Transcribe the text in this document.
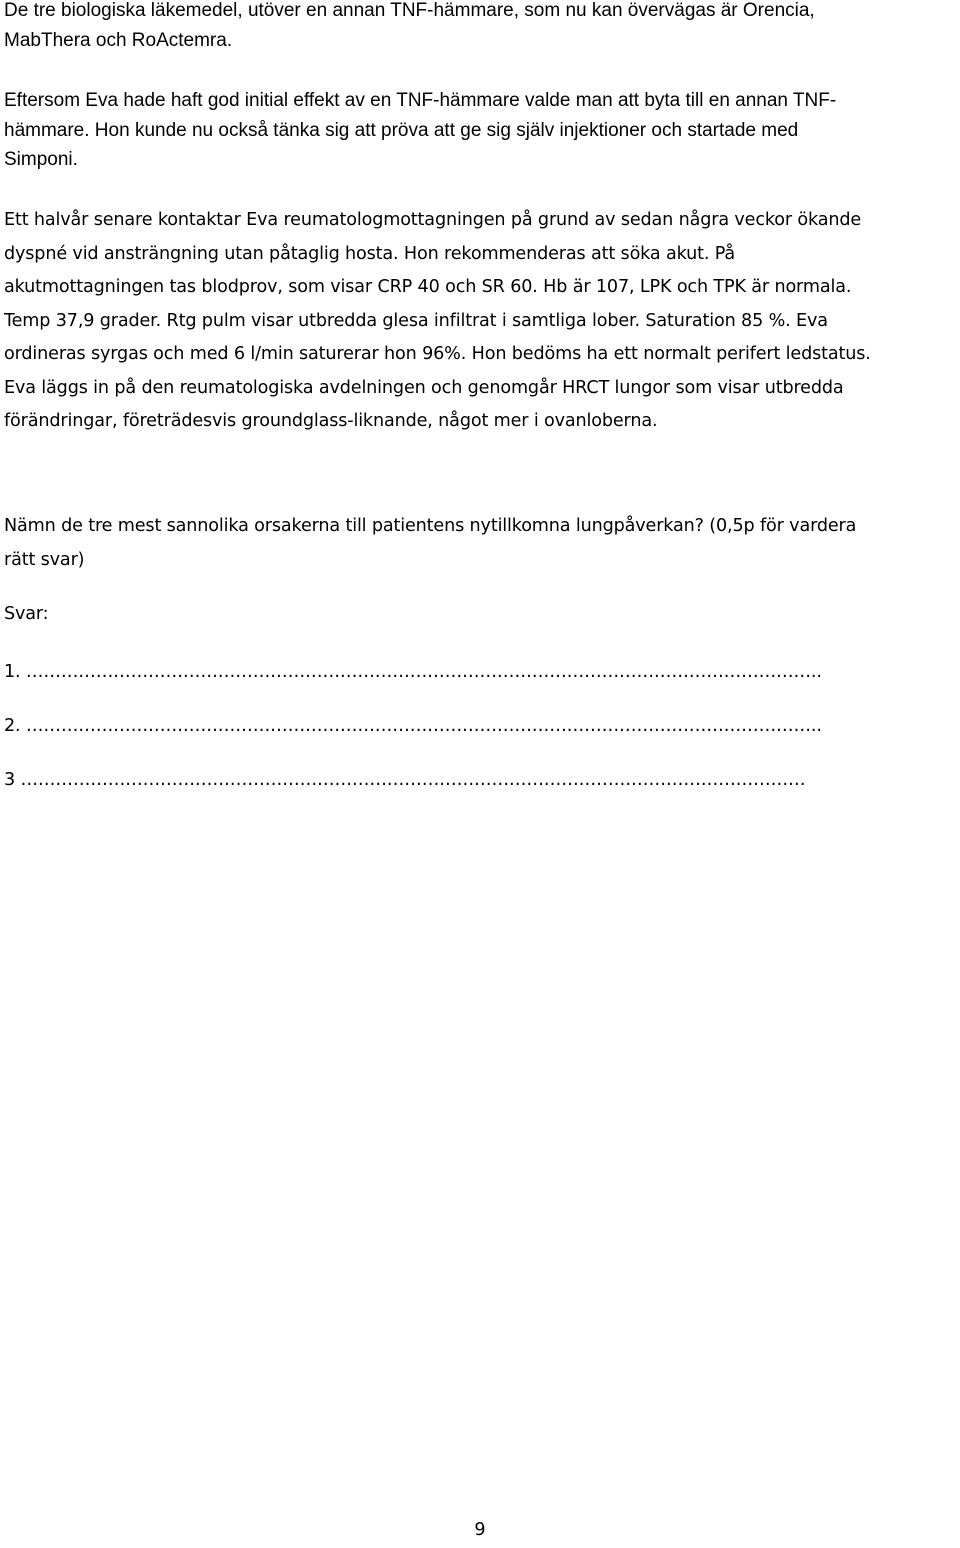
De tre biologiska läkemedel, utöver en annan TNF-hämmare, som nu kan övervägas är Orencia,
MabThera och RoActemra.

Eftersom Eva hade haft god initial effekt av en TNF-hämmare valde man att byta till en annan TNF-
hämmare. Hon kunde nu också tänka sig att pröva att ge sig själv injektioner och startade med
Simponi.

Ett halvår senare kontaktar Eva reumatologmottagningen på grund av sedan några veckor ökande
dyspné vid ansträngning utan påtaglig hosta. Hon rekommenderas att söka akut. På
akutmottagningen tas blodprov, som visar CRP 40 och SR 60. Hb är 107, LPK och TPK är normala.
Temp 37,9 grader. Rtg pulm visar utbredda glesa infiltrat i samtliga lober. Saturation 85 %. Eva
ordineras syrgas och med 6 l/min saturerar hon 96%. Hon bedöms ha ett normalt perifert ledstatus.
Eva läggs in på den reumatologiska avdelningen och genomgår HRCT lungor som visar utbredda
förändringar, företrädesvis groundglass-liknande, något mer i ovanloberna.

Nämn de tre mest sannolika orsakerna till patientens nytillkomna lungpåverkan? (0,5p för vardera
rätt svar)

Svar:

1. ………………………………………………………………………………………………………………………..
2. ………………………………………………………………………………………………………………………..
3 ………………………………………………………………………………………………………………………
9
